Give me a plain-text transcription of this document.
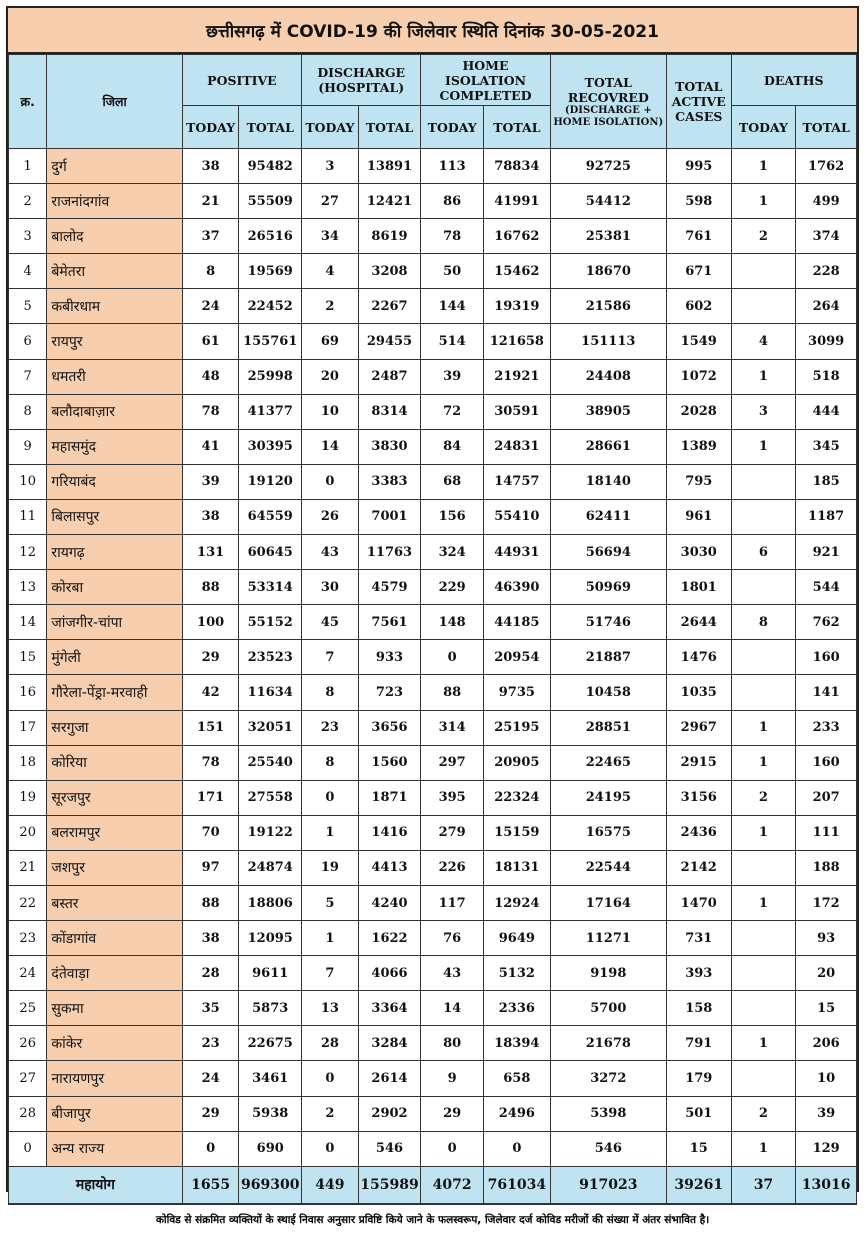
छत्तीसगढ़ में COVID-19 की जिलेवार स्थिति दिनांक 30-05-2021
क्र.	जिला	POSITIVE		DISCHARGE (HOSPITAL)		HOME ISOLATION COMPLETED		TOTAL RECOVRED
(DISCHARGE + HOME ISOLATION)	TOTAL ACTIVE CASES	DEATHS	
		TODAY	TOTAL	TODAY	TOTAL	TODAY	TOTAL			TODAY	TOTAL
1	दुर्ग	38	95482	3	13891	113	78834	92725	995	1	1762
2	राजनांदगांव	21	55509	27	12421	86	41991	54412	598	1	499
3	बालोद	37	26516	34	8619	78	16762	25381	761	2	374
4	बेमेतरा	8	19569	4	3208	50	15462	18670	671		228
5	कबीरधाम	24	22452	2	2267	144	19319	21586	602		264
6	रायपुर	61	155761	69	29455	514	121658	151113	1549	4	3099
7	धमतरी	48	25998	20	2487	39	21921	24408	1072	1	518
8	बलौदाबाज़ार	78	41377	10	8314	72	30591	38905	2028	3	444
9	महासमुंद	41	30395	14	3830	84	24831	28661	1389	1	345
10	गरियाबंद	39	19120	0	3383	68	14757	18140	795		185
11	बिलासपुर	38	64559	26	7001	156	55410	62411	961		1187
12	रायगढ़	131	60645	43	11763	324	44931	56694	3030	6	921
13	कोरबा	88	53314	30	4579	229	46390	50969	1801		544
14	जांजगीर-चांपा	100	55152	45	7561	148	44185	51746	2644	8	762
15	मुंगेली	29	23523	7	933	0	20954	21887	1476		160
16	गौरेला-पेंड्रा-मरवाही	42	11634	8	723	88	9735	10458	1035		141
17	सरगुजा	151	32051	23	3656	314	25195	28851	2967	1	233
18	कोरिया	78	25540	8	1560	297	20905	22465	2915	1	160
19	सूरजपुर	171	27558	0	1871	395	22324	24195	3156	2	207
20	बलरामपुर	70	19122	1	1416	279	15159	16575	2436	1	111
21	जशपुर	97	24874	19	4413	226	18131	22544	2142		188
22	बस्तर	88	18806	5	4240	117	12924	17164	1470	1	172
23	कोंडागांव	38	12095	1	1622	76	9649	11271	731		93
24	दंतेवाड़ा	28	9611	7	4066	43	5132	9198	393		20
25	सुकमा	35	5873	13	3364	14	2336	5700	158		15
26	कांकेर	23	22675	28	3284	80	18394	21678	791	1	206
27	नारायणपुर	24	3461	0	2614	9	658	3272	179		10
28	बीजापुर	29	5938	2	2902	29	2496	5398	501	2	39
0	अन्य राज्य	0	690	0	546	0	0	546	15	1	129
महायोग		1655	969300	449	155989	4072	761034	917023	39261	37	13016
कोविड से संक्रमित व्यक्तियों के स्थाई निवास अनुसार प्रविष्टि किये जाने के फलस्वरूप, जिलेवार दर्ज कोविड मरीजों की संख्या में अंतर संभावित है।
